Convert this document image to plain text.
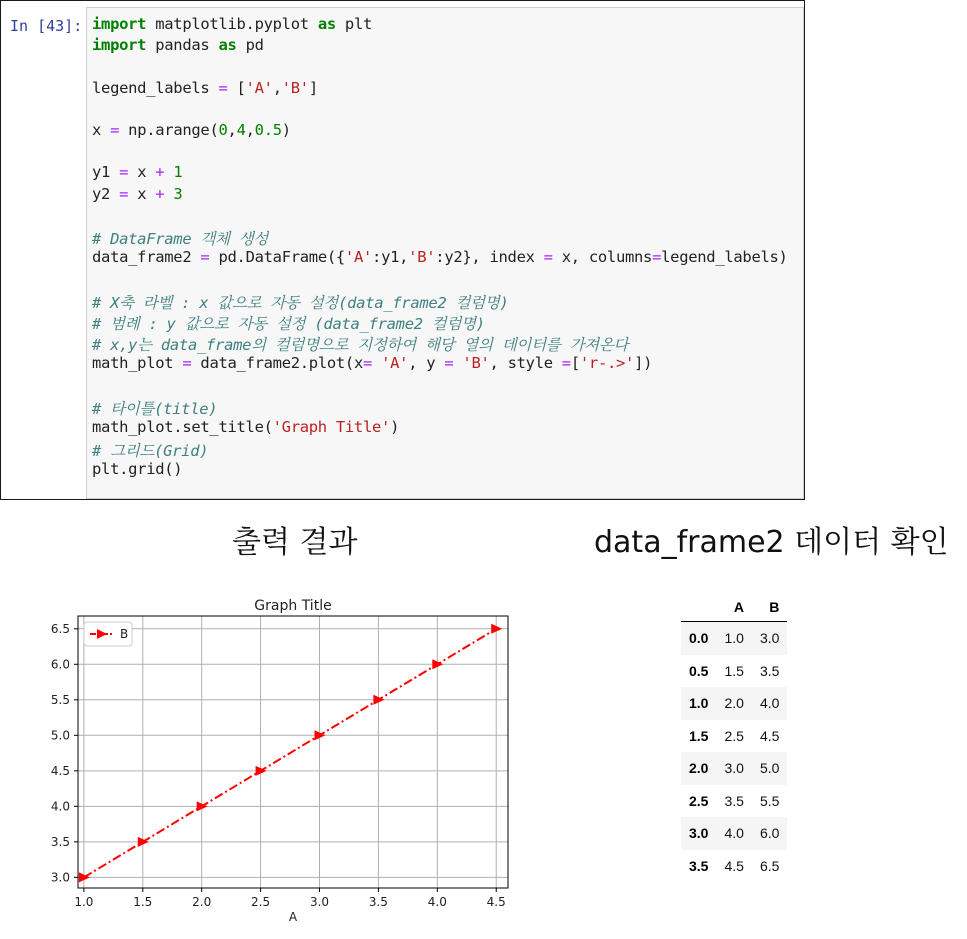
In [43]: import matplotlib.pyplot as plt
import pandas as pd
legend_labels = ['A','B']
x = np.arange(0,4,0.5)
y1 = x + 1
y2 = x + 3
# DataFrame 객체 생성
data_frame2 = pd.DataFrame({'A':y1,'B':y2}, index = x, columns=legend_labels)
# X축 라벨 : x 값으로 자동 설정(data_frame2 컬럼명)
# 범례 : y 값으로 자동 설정 (data_frame2 컬럼명)
# x,y는 data_frame의 컬럼명으로 지정하여 해당 열의 데이터를 가져온다
math_plot = data_frame2.plot(x= 'A', y = 'B', style =['r-.>'])
# 타이틀(title)
math_plot.set_title('Graph Title')
# 그리드(Grid)
plt.grid()
출력 결과	data_frame2 데이터 확인
1.0	1.5	2.0	2.5	3.0	3.5	4.0	4.5
3.0
3.5
4.0
4.5
5.0
5.5
6.0
6.5
Graph Title
A
B
	A	B
0.0	1.0	3.0
0.5	1.5	3.5
1.0	2.0	4.0
1.5	2.5	4.5
2.0	3.0	5.0
2.5	3.5	5.5
3.0	4.0	6.0
3.5	4.5	6.5
